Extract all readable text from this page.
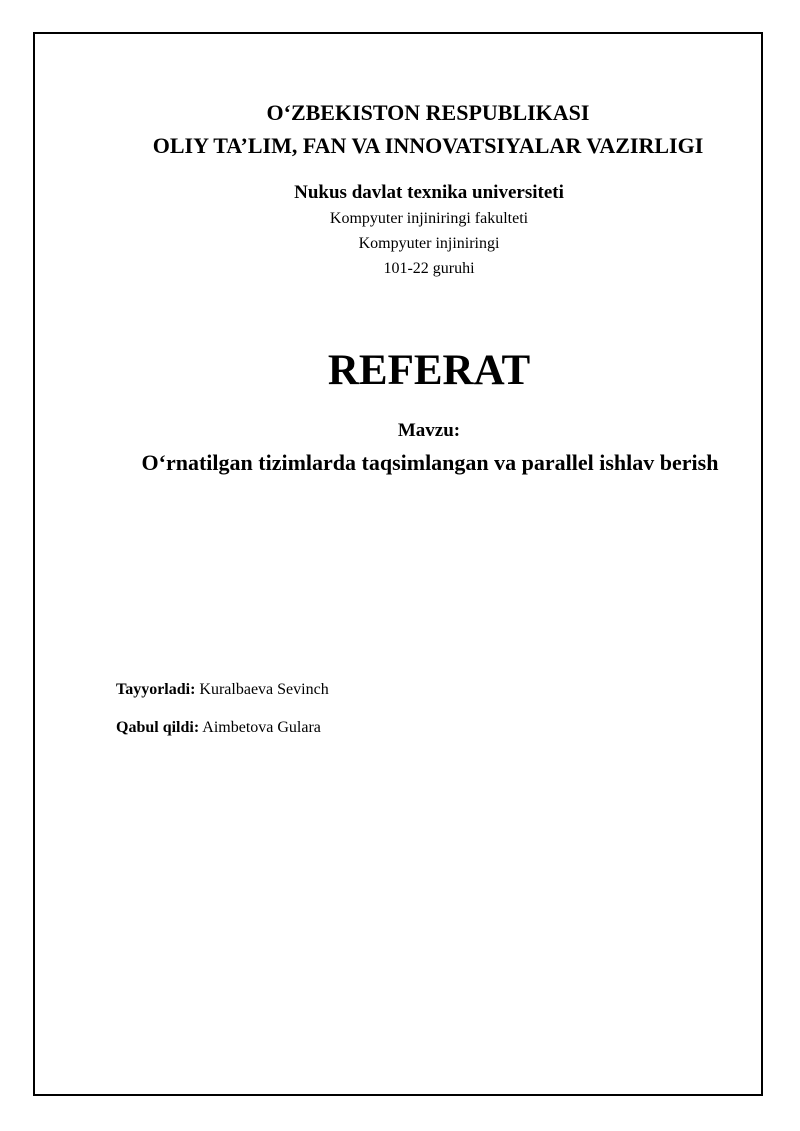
O‘ZBEKISTON RESPUBLIKASI
OLIY TA’LIM, FAN VA INNOVATSIYALAR VAZIRLIGI
Nukus davlat texnika universiteti
Kompyuter injiniringi fakulteti
Kompyuter injiniringi
101-22 guruhi
REFERAT
Mavzu:
O‘rnatilgan tizimlarda taqsimlangan va parallel ishlav berish
Tayyorladi: Kuralbaeva Sevinch
Qabul qildi: Aimbetova Gulara
